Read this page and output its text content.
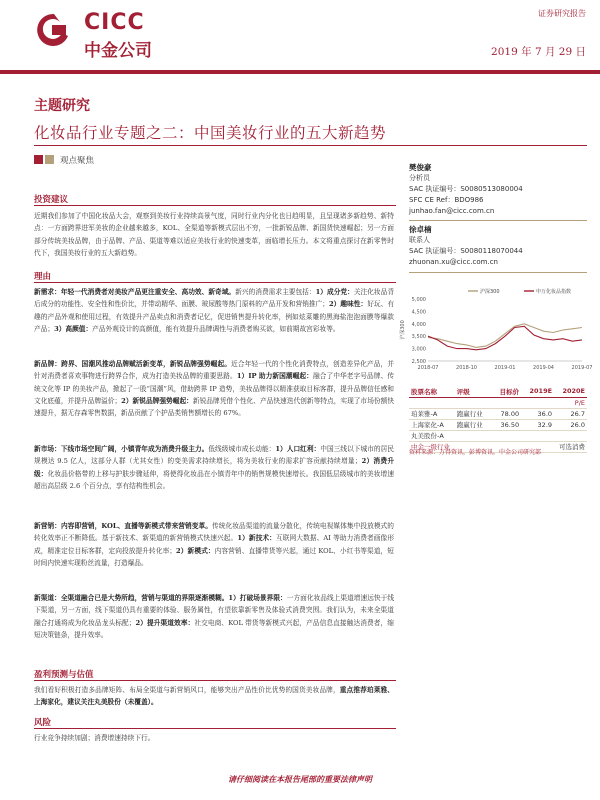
CICC
中金公司
证券研究报告
2019 年 7 月 29 日
主题研究
化妆品行业专题之二：中国美妆行业的五大新趋势
观点聚焦
投资建议
近期我们参加了中国化妆品大会，观察到美妆行业持续高景气度，同时行业内分化也日趋明显，且呈现诸多新趋势、新特点：一方面跨界进军美妆的企业越来越多，KOL、全渠道等新模式层出不穷，一批新锐品牌、新国货快速崛起；另一方面部分传统美妆品牌，由于品牌、产品、渠道等难以适应美妆行业的快速变革，面临增长压力。本文将重点探讨在新零售时代下，我国美妆行业的五大新趋势。
理由
新需求：年轻一代消费者对美妆产品更注重安全、高功效、新奇域。新兴的消费需求主要包括：1）成分党：关注化妆品背后成分的功能性、安全性和性价比，并带动精华、面膜、玻尿酸等热门原料的产品开发和营销推广；2）趣味性：好玩、有趣的产品外观和使用过程，有效提升产品卖点和消费者记忆，促进销售提升转化率，例如炫菜雕的黑海盐泡泡面膜等爆款产品；3）高颜值：产品外观设计的高颜值，能有效提升品牌调性与消费者购买欲，如前期故宫彩妆等。
新品牌：跨界、国潮风推动品牌赋活新变革，新锐品牌强势崛起。近合年轻一代的个性化消费特点，创造差异化产品，并针对消费者喜欢事物进行跨界合作，成为打造美妆品牌的重要思路。1）IP 助力新国潮崛起：融合了中华老字号品牌、传统文化等 IP 的美妆产品，掀起了一股“国潮”风，借助跨界 IP 造势，美妆品牌得以精准获取目标客群，提升品牌信任感和文化底蕴，并提升品牌溢价；2）新锐品牌强势崛起：新锐品牌凭借个性化、产品快速迭代创新等特点，实现了市场份额快速提升，据无存森零售数据，新品贡献了个护品类销售额增长的 67%。
新市场：下线市场空间广阔，小镇青年成为消费升级主力。低线级城市成长动能：1）人口红利：中国三线以下城市的居民规模达 9.5 亿人，这部分人群（尤其女性）的变美需求持续增长，将为美妆行业的需求扩容贡献持续增量；2）消费升级：化妆品价格带的上移与护肤步骤延伸，将使得化妆品在小镇青年中的销售规模快速增长。我国低层级城市的美妆增速超出高层级 2.6 个百分点，享有结构性机会。
新营销：内容即营销，KOL、直播等新模式带来营销变革。传统化妆品渠道的流量分散化，传统电视媒体集中投放模式的转化效率正不断降低。基于新技术、新渠道的新营销模式快速兴起。1）新技术：互联网大数据、AI 等助力消费者画像形成，精准定位目标客群，定向投放提升转化率；2）新模式：内容营销、直播带货等兴起，通过 KOL、小红书等渠道，短时间内快速实现粉丝流量，打造爆品。
新渠道：全渠道融合已是大势所趋，营销与渠道的界限逐渐模糊。1）打破场景界限：一方面化妆品线上渠道增速远快于线下渠道，另一方面，线下渠道仍具有重要的体验、服务属性，有望依靠新零售及体验式消费突围。我们认为，未来全渠道融合打通将成为化妆品龙头标配；2）提升渠道效率：社交电商、KOL 带货等新模式兴起，产品信息直接触达消费者，缩短决策链条，提升效率。
盈利预测与估值
我们看好积极打造多品牌矩阵、布局全渠道与新营销风口，能够突出产品性价比优势的国货美妆品牌，重点推荐珀莱雅、上海家化，建议关注丸美股份（未覆盖）。
风险
行业竞争持续加剧；消费增速持续下行。
樊俊豪
分析员
SAC 执证编号：S0080513080004
SFC CE Ref：BDO986
junhao.fan@cicc.com.cn
徐卓楠
联系人
SAC 执证编号：S0080118070044
zhuonan.xu@cicc.com.cn
5,000
4,500
4,000
3,500
3,000
2,500
沪深300
2018-07	2018-10	2019-01	2019-04	2019-07
沪深300	申万化妆品指数
股票名称	评级	目标价	2019E	2020E
			P/E	
珀莱雅-A	跑赢行业	78.00	36.0	26.7
上海家化-A	跑赢行业	36.50	32.9	26.0
丸美股份-A				
中金一级行业		可选消费		
资料来源：万得资讯，彭博资讯，中金公司研究部
请仔细阅读在本报告尾部的重要法律声明
